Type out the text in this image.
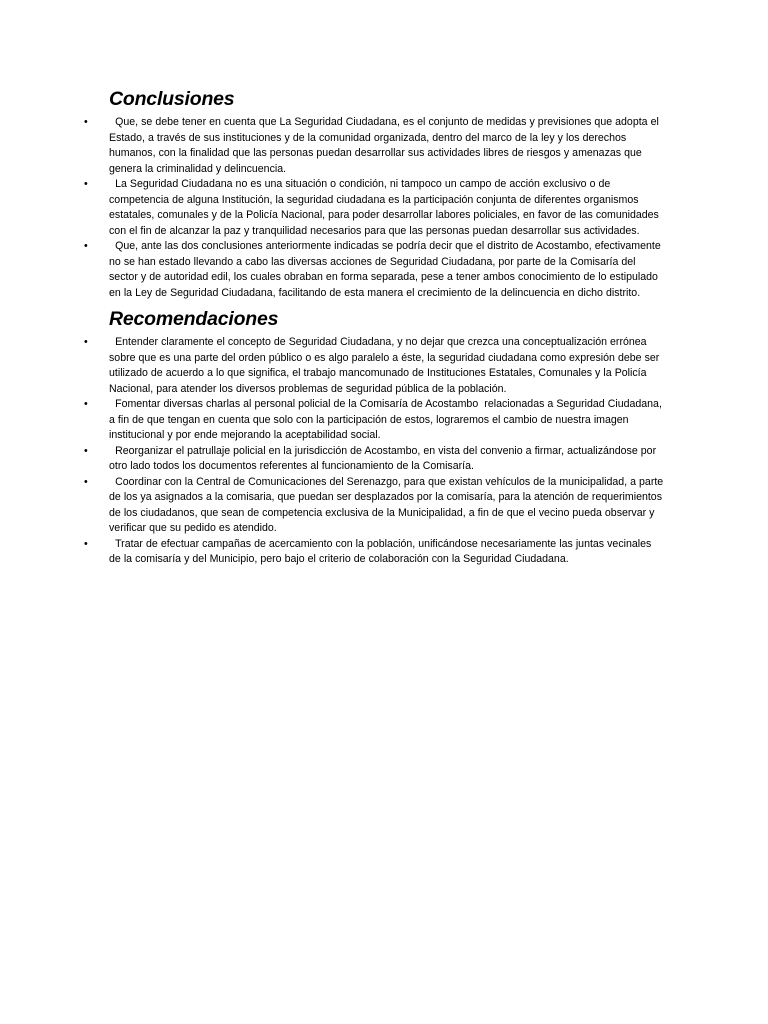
Conclusiones
•	Que, se debe tener en cuenta que La Seguridad Ciudadana, es el conjunto de medidas y previsiones que adopta el Estado, a través de sus instituciones y de la comunidad organizada, dentro del marco de la ley y los derechos humanos, con la finalidad que las personas puedan desarrollar sus actividades libres de riesgos y amenazas que genera la criminalidad y delincuencia.
•	La Seguridad Ciudadana no es una situación o condición, ni tampoco un campo de acción exclusivo o de competencia de alguna Institución, la seguridad ciudadana es la participación conjunta de diferentes organismos estatales, comunales y de la Policía Nacional, para poder desarrollar labores policiales, en favor de las comunidades con el fin de alcanzar la paz y tranquilidad necesarios para que las personas puedan desarrollar sus actividades.
•	Que, ante las dos conclusiones anteriormente indicadas se podría decir que el distrito de Acostambo, efectivamente no se han estado llevando a cabo las diversas acciones de Seguridad Ciudadana, por parte de la Comisaría del sector y de autoridad edil, los cuales obraban en forma separada, pese a tener ambos conocimiento de lo estipulado en la Ley de Seguridad Ciudadana, facilitando de esta manera el crecimiento de la delincuencia en dicho distrito.
Recomendaciones
•	Entender claramente el concepto de Seguridad Ciudadana, y no dejar que crezca una conceptualización errónea sobre que es una parte del orden público o es algo paralelo a éste, la seguridad ciudadana como expresión debe ser utilizado de acuerdo a lo que significa, el trabajo mancomunado de Instituciones Estatales, Comunales y la Policía Nacional, para atender los diversos problemas de seguridad pública de la población.
•	Fomentar diversas charlas al personal policial de la Comisaría de Acostambo  relacionadas a Seguridad Ciudadana, a fin de que tengan en cuenta que solo con la participación de estos, lograremos el cambio de nuestra imagen institucional y por ende mejorando la aceptabilidad social.
•	Reorganizar el patrullaje policial en la jurisdicción de Acostambo, en vista del convenio a firmar, actualizándose por otro lado todos los documentos referentes al funcionamiento de la Comisaría.
•	Coordinar con la Central de Comunicaciones del Serenazgo, para que existan vehículos de la municipalidad, a parte de los ya asignados a la comisaria, que puedan ser desplazados por la comisaría, para la atención de requerimientos de los ciudadanos, que sean de competencia exclusiva de la Municipalidad, a fin de que el vecino pueda observar y verificar que su pedido es atendido.
•	Tratar de efectuar campañas de acercamiento con la población, unificándose necesariamente las juntas vecinales de la comisaría y del Municipio, pero bajo el criterio de colaboración con la Seguridad Ciudadana.
